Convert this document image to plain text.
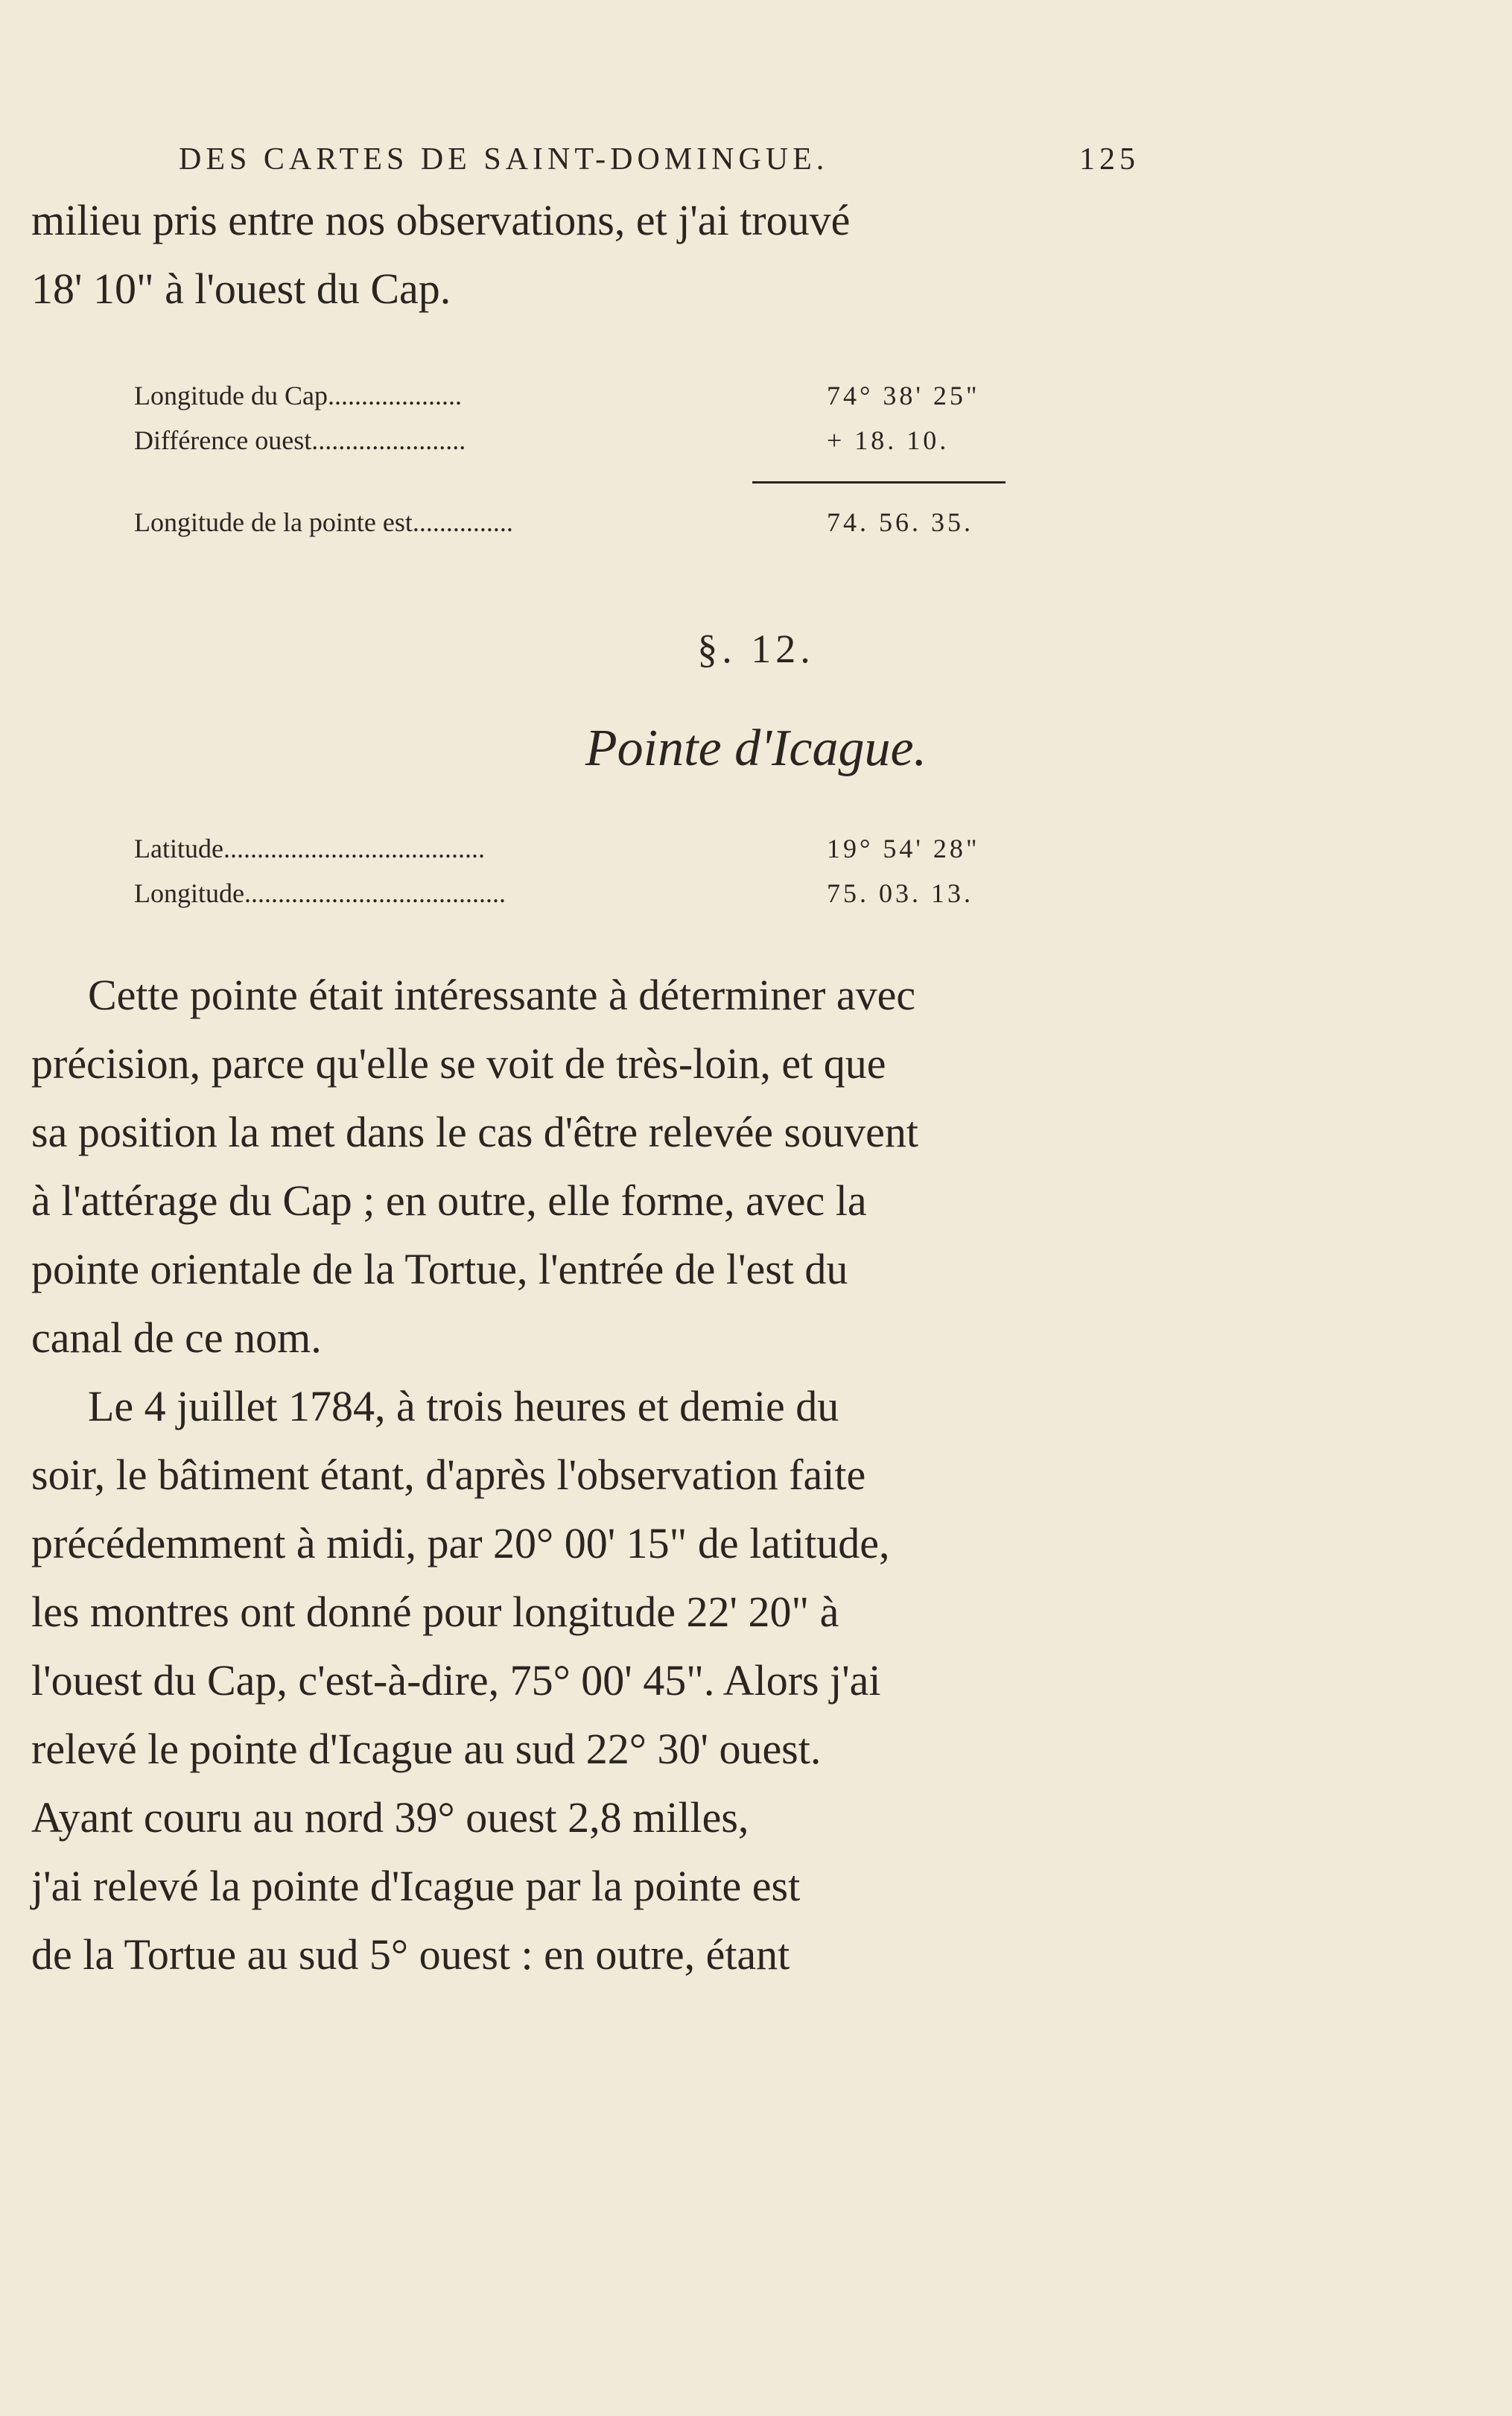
DES CARTES DE SAINT-DOMINGUE.	125
milieu pris entre nos observations, et j'ai trouvé
18' 10" à l'ouest du Cap.
Longitude du Cap....................	74° 38' 25"
Différence ouest.......................	+ 18. 10.
Longitude de la pointe est...............	74. 56. 35.
§. 12.
Pointe d'Icague.
Latitude.......................................	19° 54' 28"
Longitude.......................................	75. 03. 13.
Cette pointe était intéressante à déterminer avec
précision, parce qu'elle se voit de très-loin, et que
sa position la met dans le cas d'être relevée souvent
à l'attérage du Cap ; en outre, elle forme, avec la
pointe orientale de la Tortue, l'entrée de l'est du
canal de ce nom.
Le 4 juillet 1784, à trois heures et demie du
soir, le bâtiment étant, d'après l'observation faite
précédemment à midi, par 20° 00' 15" de latitude,
les montres ont donné pour longitude 22' 20" à
l'ouest du Cap, c'est-à-dire, 75° 00' 45". Alors j'ai
relevé le pointe d'Icague au sud 22° 30' ouest.
Ayant couru au nord 39° ouest 2,8 milles,
j'ai relevé la pointe d'Icague par la pointe est
de la Tortue au sud 5° ouest : en outre, étant
